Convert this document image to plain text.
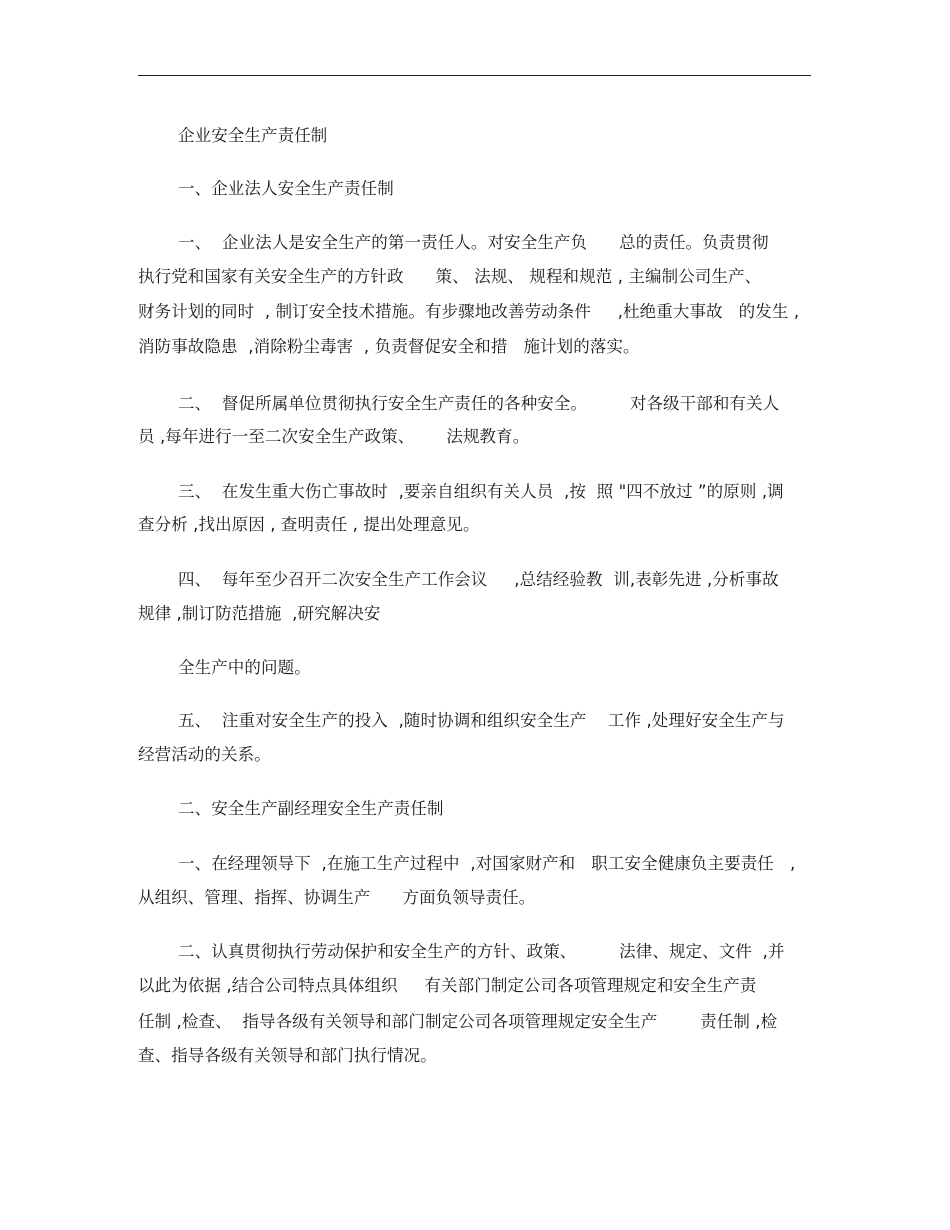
企业安全生产责任制
一、企业法人安全生产责任制
一、  企业法人是安全生产的第一责任人。对安全生产负      总的责任。负责贯彻
执行党和国家有关安全生产的方针政      策、 法规、 规程和规范 , 主编制公司生产、
财务计划的同时  , 制订安全技术措施。有步骤地改善劳动条件     ,杜绝重大事故   的发生 ,
消防事故隐患  ,消除粉尘毒害  , 负责督促安全和措   施计划的落实。
二、  督促所属单位贯彻执行安全生产责任的各种安全。        对各级干部和有关人
员 ,每年进行一至二次安全生产政策、      法规教育。
三、  在发生重大伤亡事故时  ,要亲自组织有关人员  ,按  照 "四不放过 ”的原则 ,调
查分析 ,找出原因 , 查明责任 , 提出处理意见。
四、  每年至少召开二次安全生产工作会议     ,总结经验教  训,表彰先进 ,分析事故
规律 ,制订防范措施  ,研究解决安
全生产中的问题。
五、  注重对安全生产的投入  ,随时协调和组织安全生产    工作 ,处理好安全生产与
经营活动的关系。
二、安全生产副经理安全生产责任制
一、在经理领导下  ,在施工生产过程中  ,对国家财产和   职工安全健康负主要责任   ,
从组织、管理、指挥、协调生产      方面负领导责任。
二、认真贯彻执行劳动保护和安全生产的方针、政策、        法律、规定、文件  ,并
以此为依据 ,结合公司特点具体组织     有关部门制定公司各项管理规定和安全生产责
任制 ,检查、  指导各级有关领导和部门制定公司各项管理规定安全生产        责任制 ,检
查、指导各级有关领导和部门执行情况。
